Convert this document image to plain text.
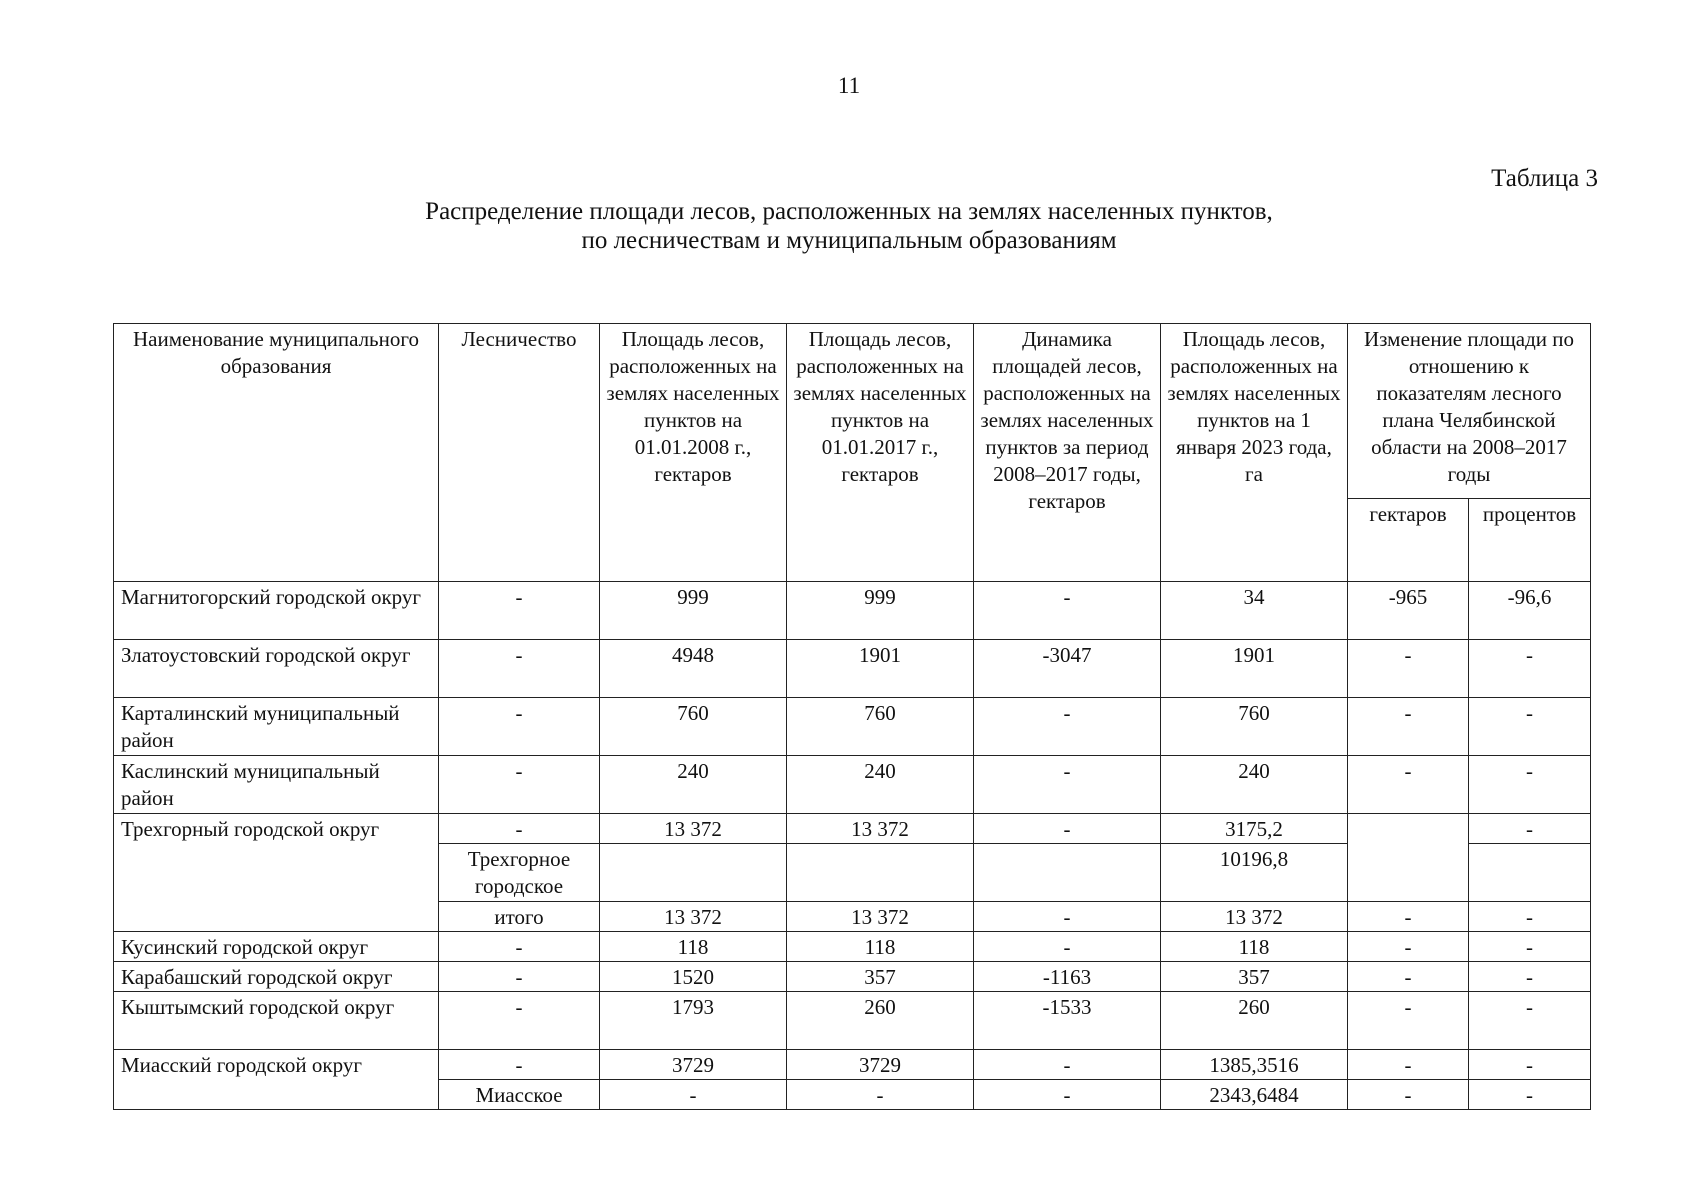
11
Таблица 3
Распределение площади лесов, расположенных на землях населенных пунктов,
по лесничествам и муниципальным образованиям
Наименование муниципального образования	Лесничество	Площадь лесов, расположенных на землях населенных пунктов на 01.01.2008 г., гектаров	Площадь лесов, расположенных на землях населенных пунктов на 01.01.2017 г., гектаров	Динамика площадей лесов, расположенных на землях населенных пунктов за период 2008–2017 годы, гектаров	Площадь лесов, расположенных на землях населенных пунктов на 1 января 2023 года, га	Изменение площади по отношению к показателям лесного плана Челябинской области на 2008–2017 годы	
						гектаров	процентов
Магнитогорский городской округ	-	999	999	-	34	-965	-96,6
Златоустовский городской округ	-	4948	1901	-3047	1901	-	-
Карталинский муниципальный район	-	760	760	-	760	-	-
Каслинский муниципальный район	-	240	240	-	240	-	-
Трехгорный городской округ	-	13 372	13 372	-	3175,2		-
	Трехгорное городское				10196,8		
	итого	13 372	13 372	-	13 372	-	-
Кусинский городской округ	-	118	118	-	118	-	-
Карабашский городской округ	-	1520	357	-1163	357	-	-
Кыштымский городской округ	-	1793	260	-1533	260	-	-
Миасский городской округ	-	3729	3729	-	1385,3516	-	-
	Миасское	-	-	-	2343,6484	-	-
